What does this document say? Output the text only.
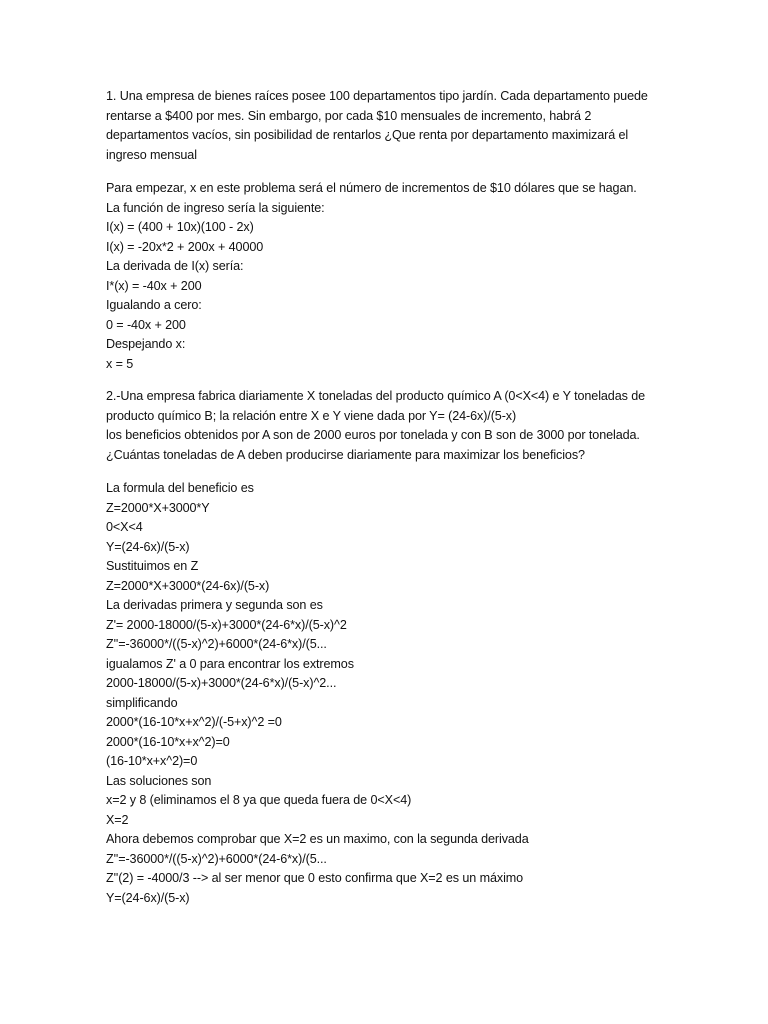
1. Una empresa de bienes raíces posee 100 departamentos tipo jardín. Cada departamento puede
rentarse a $400 por mes. Sin embargo, por cada $10 mensuales de incremento, habrá 2
departamentos vacíos, sin posibilidad de rentarlos ¿Que renta por departamento maximizará el
ingreso mensual
Para empezar, x en este problema será el número de incrementos de $10 dólares que se hagan.
La función de ingreso sería la siguiente:
I(x) = (400 + 10x)(100 - 2x)
I(x) = -20x*2 + 200x + 40000
La derivada de I(x) sería:
I*(x) = -40x + 200
Igualando a cero:
0 = -40x + 200
Despejando x:
x = 5
2.-Una empresa fabrica diariamente X toneladas del producto químico A (0<X<4) e Y toneladas de
producto químico B; la relación entre X e Y viene dada por Y= (24-6x)/(5-x)
los beneficios obtenidos por A son de 2000 euros por tonelada y con B son de 3000 por tonelada.
¿Cuántas toneladas de A deben producirse diariamente para maximizar los beneficios?
La formula del beneficio es
Z=2000*X+3000*Y
0<X<4
Y=(24-6x)/(5-x)
Sustituimos en Z
Z=2000*X+3000*(24-6x)/(5-x)
La derivadas primera y segunda son es
Z'= 2000-18000/(5-x)+3000*(24-6*x)/(5-x)^2
Z''=-36000*/((5-x)^2)+6000*(24-6*x)/(5...
igualamos Z' a 0 para encontrar los extremos
2000-18000/(5-x)+3000*(24-6*x)/(5-x)^2...
simplificando
2000*(16-10*x+x^2)/(-5+x)^2 =0
2000*(16-10*x+x^2)=0
(16-10*x+x^2)=0
Las soluciones son
x=2 y 8 (eliminamos el 8 ya que queda fuera de 0<X<4)
X=2
Ahora debemos comprobar que X=2 es un maximo, con la segunda derivada
Z''=-36000*/((5-x)^2)+6000*(24-6*x)/(5...
Z''(2) = -4000/3 --> al ser menor que 0 esto confirma que X=2 es un máximo
Y=(24-6x)/(5-x)
